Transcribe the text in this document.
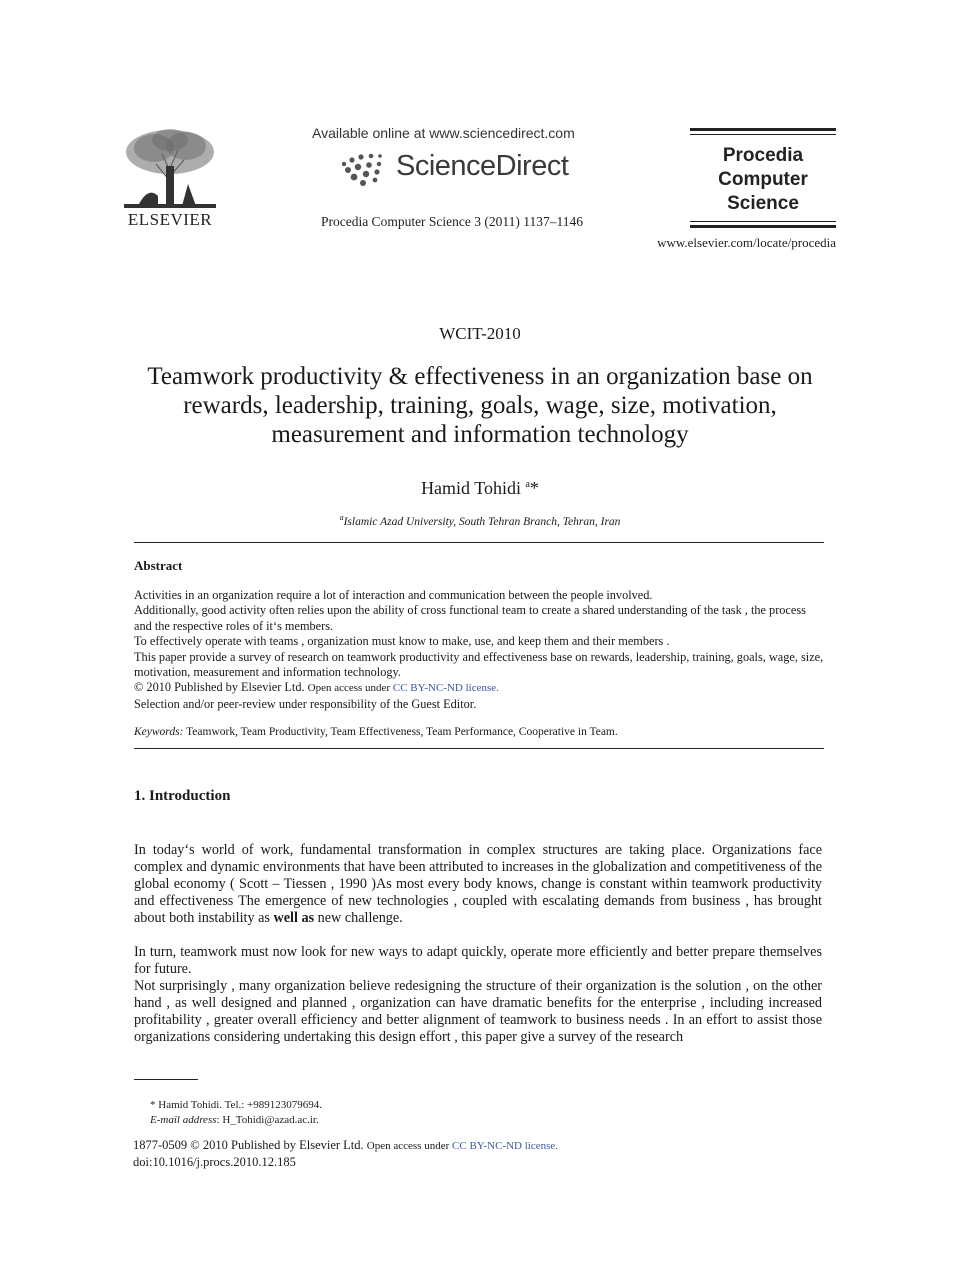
ELSEVIER
Available online at www.sciencedirect.com
ScienceDirect
Procedia Computer Science 3 (2011) 1137–1146
Procedia
Computer
Science
www.elsevier.com/locate/procedia
WCIT-2010
Teamwork productivity & effectiveness in an organization base on
rewards, leadership, training, goals, wage, size, motivation,
measurement and information technology
Hamid Tohidi $^a$*
$^a$Islamic Azad University, South Tehran Branch, Tehran, Iran
Abstract

Activities in an organization require a lot of interaction and communication between the people involved.

Additionally, good activity often relies upon the ability of cross functional team to create a shared understanding of the task , the process and the respective roles of it‘s members.

To effectively operate with teams , organization must know to make, use, and keep them and their members .

This paper provide a survey of research on teamwork productivity and effectiveness base on rewards, leadership, training, goals, wage, size, motivation, measurement and information technology.

© 2010 Published by Elsevier Ltd. Open access under CC BY-NC-ND license.

Selection and/or peer-review under responsibility of the Guest Editor.

Keywords: Teamwork, Team Productivity, Team Effectiveness, Team Performance, Cooperative in Team.
1. Introduction

In today‘s world of work, fundamental transformation in complex structures are taking place. Organizations face complex and dynamic environments that have been attributed to increases in the globalization and competitiveness of the global economy ( Scott – Tiessen , 1990 )As most every body knows, change is constant within teamwork productivity and effectiveness The emergence of new technologies , coupled with escalating demands from business , has brought about both instability as well as new challenge.

In turn, teamwork must now look for new ways to adapt quickly, operate more efficiently and better prepare themselves for future.

Not surprisingly , many organization believe redesigning the structure of their organization is the solution , on the other hand , as well designed and planned , organization can have dramatic benefits for the enterprise , including increased profitability , greater overall efficiency and better alignment of teamwork to business needs . In an effort to assist those organizations considering undertaking this design effort , this paper give a survey of the research

* Hamid Tohidi. Tel.: +989123079694.
E-mail address: H_Tohidi@azad.ac.ir.
1877-0509 © 2010 Published by Elsevier Ltd. Open access under CC BY-NC-ND license.
doi:10.1016/j.procs.2010.12.185
